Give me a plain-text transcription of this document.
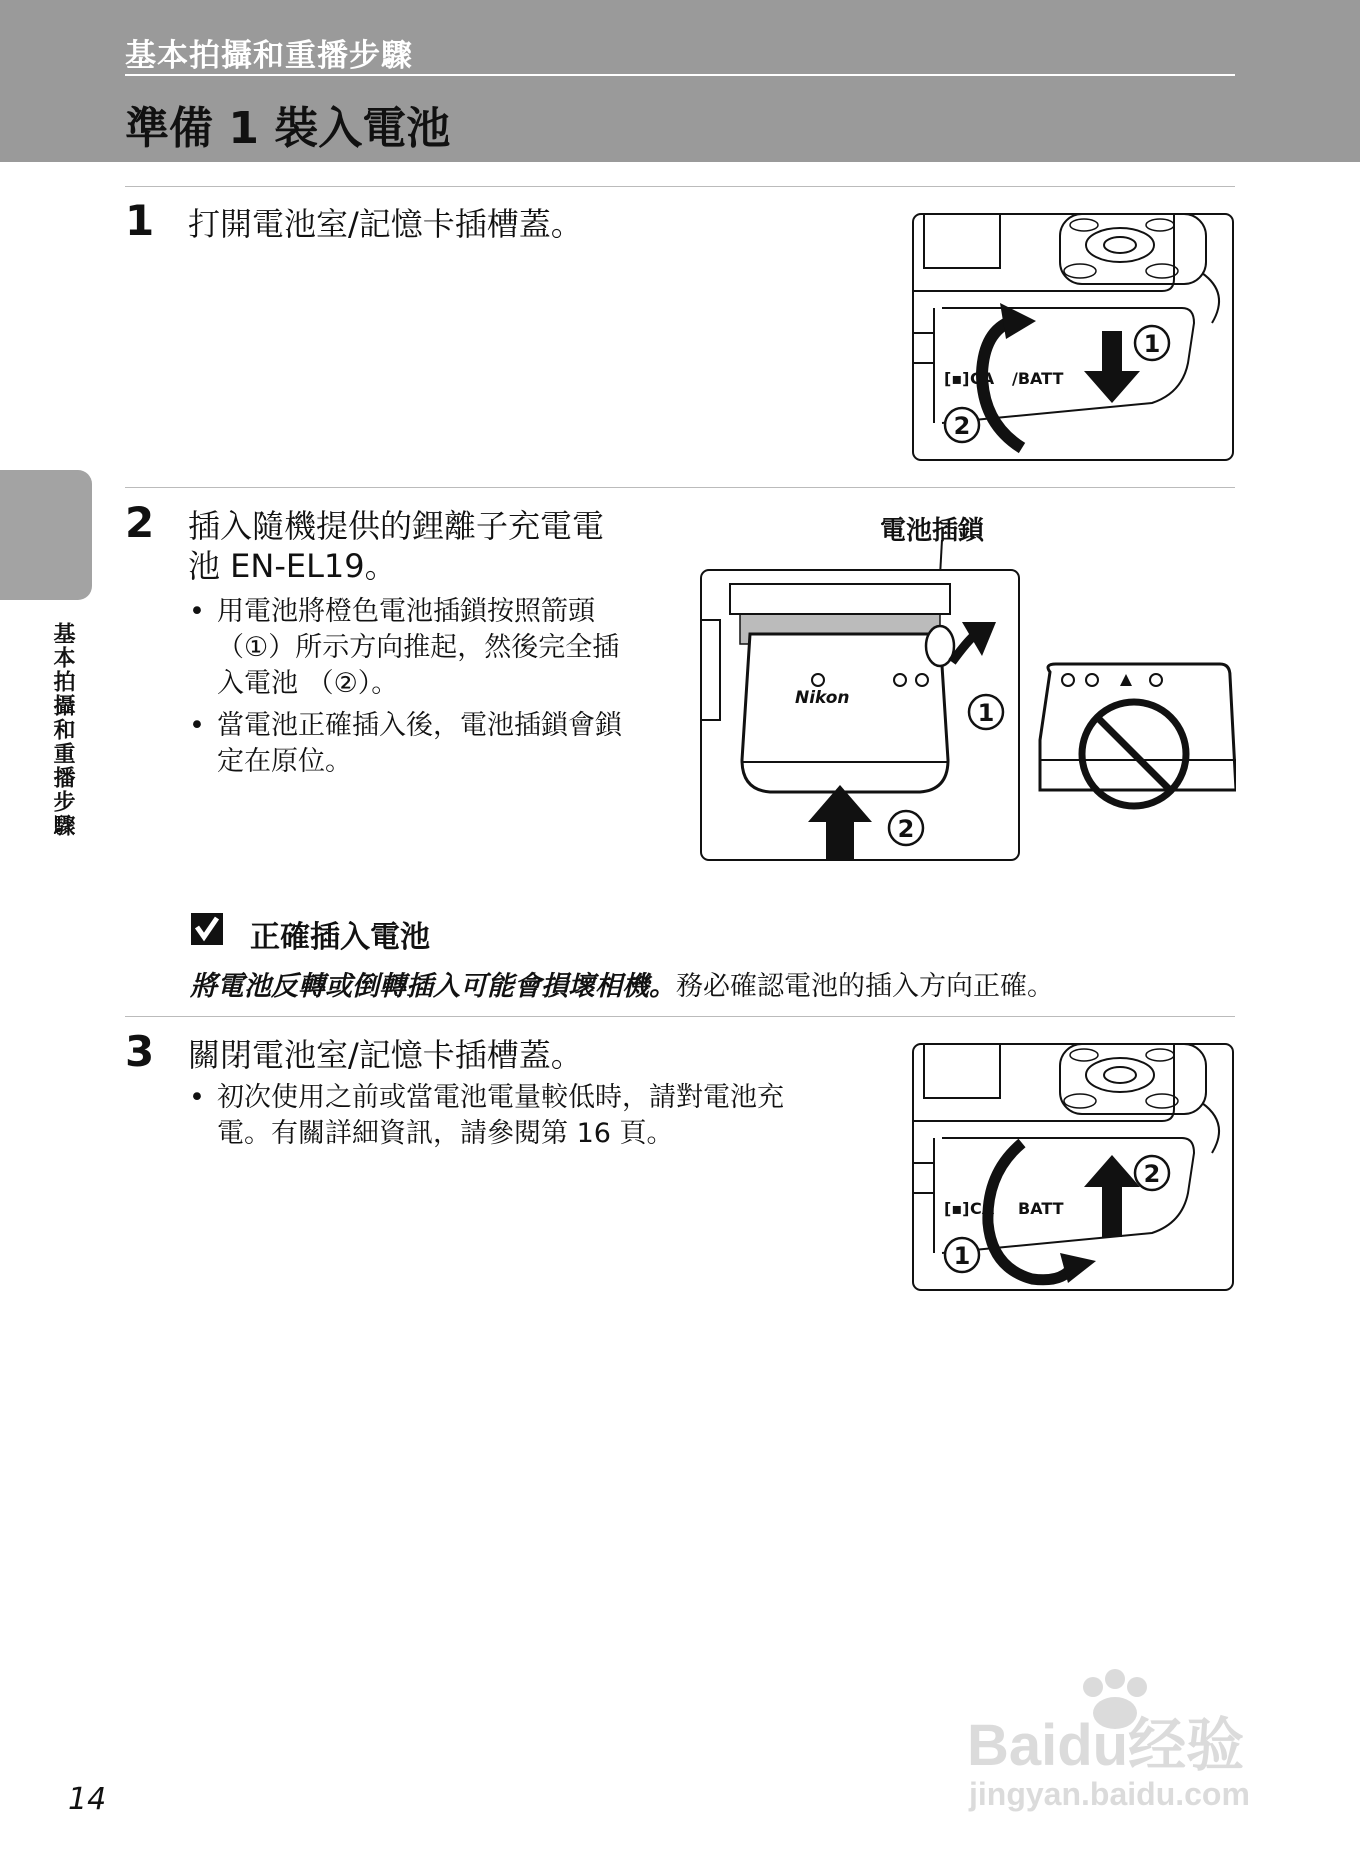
基本拍攝和重播步驟
準備 1 裝入電池
基本拍攝和重播步驟
1 打開電池室/記憶卡插槽蓋。
[▪] CA /BATT
1
2
2 插入隨機提供的鋰離子充電電
池 EN-EL19。
• 用電池將橙色電池插鎖按照箭頭
（①）所示方向推起，然後完全插
入電池 （②）。
• 當電池正確插入後，電池插鎖會鎖
定在原位。
電池插鎖
Nikon
1
2
正確插入電池
將電池反轉或倒轉插入可能會損壞相機。務必確認電池的插入方向正確。
3 關閉電池室/記憶卡插槽蓋。
• 初次使用之前或當電池電量較低時，請對電池充
電。有關詳細資訊，請參閱第 16 頁。
[▪] CA BATT
2
1
14
Baidu经验
jingyan.baidu.com
